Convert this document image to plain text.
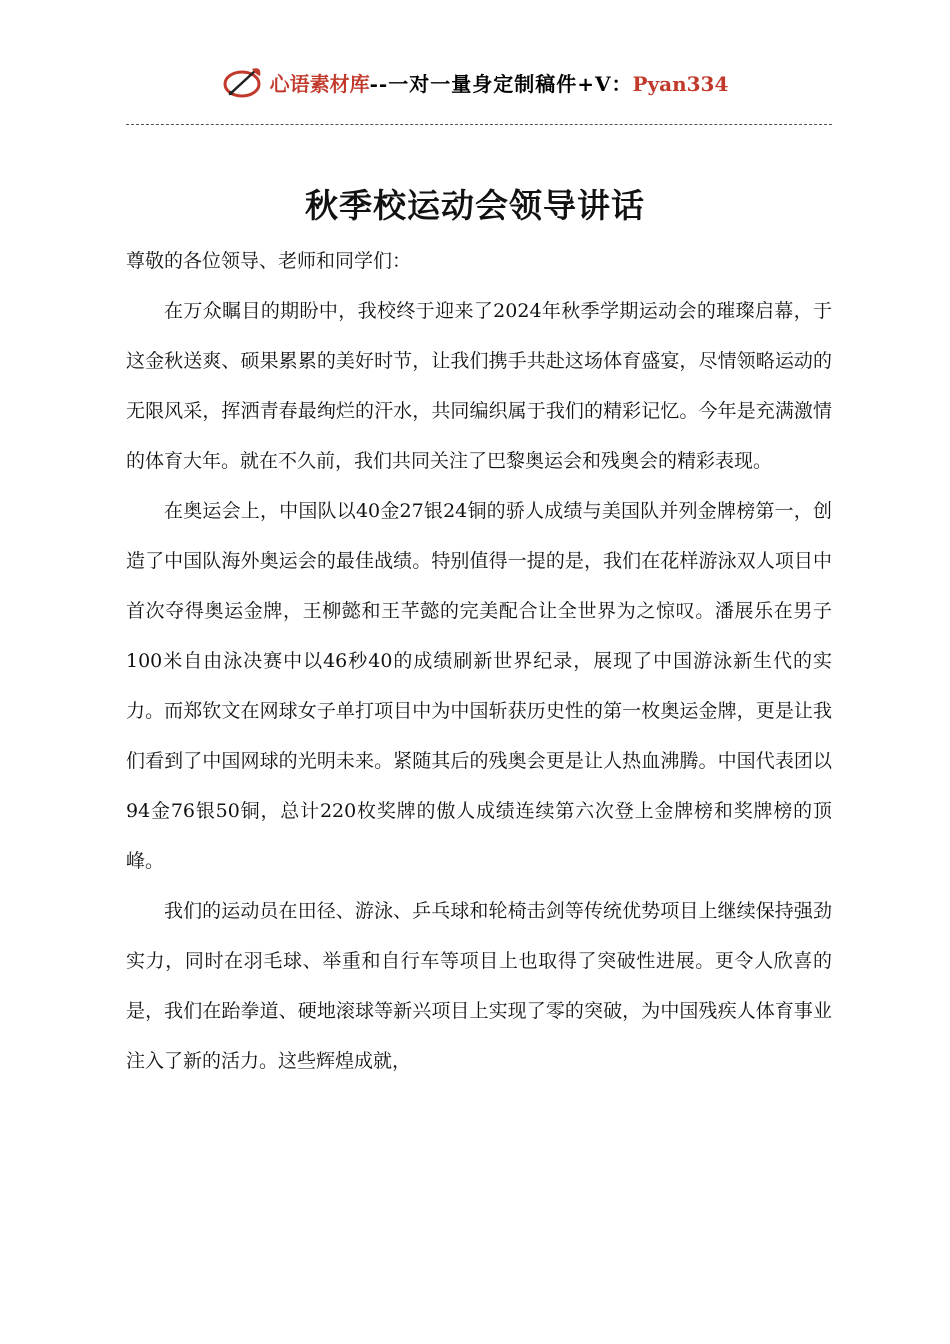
心语素材库--一对一量身定制稿件+V：Pyan334
秋季校运动会领导讲话

尊敬的各位领导、老师和同学们：

在万众瞩目的期盼中，我校终于迎来了2024年秋季学期运动会的璀璨启幕，于这金秋送爽、硕果累累的美好时节，让我们携手共赴这场体育盛宴，尽情领略运动的无限风采，挥洒青春最绚烂的汗水，共同编织属于我们的精彩记忆。今年是充满激情的体育大年。就在不久前，我们共同关注了巴黎奥运会和残奥会的精彩表现。

在奥运会上，中国队以40金27银24铜的骄人成绩与美国队并列金牌榜第一，创造了中国队海外奥运会的最佳战绩。特别值得一提的是，我们在花样游泳双人项目中首次夺得奥运金牌，王柳懿和王芊懿的完美配合让全世界为之惊叹。潘展乐在男子100米自由泳决赛中以46秒40的成绩刷新世界纪录，展现了中国游泳新生代的实力。而郑钦文在网球女子单打项目中为中国斩获历史性的第一枚奥运金牌，更是让我们看到了中国网球的光明未来。紧随其后的残奥会更是让人热血沸腾。中国代表团以94金76银50铜，总计220枚奖牌的傲人成绩连续第六次登上金牌榜和奖牌榜的顶峰。

我们的运动员在田径、游泳、乒乓球和轮椅击剑等传统优势项目上继续保持强劲实力，同时在羽毛球、举重和自行车等项目上也取得了突破性进展。更令人欣喜的是，我们在跆拳道、硬地滚球等新兴项目上实现了零的突破，为中国残疾人体育事业注入了新的活力。这些辉煌成就，
